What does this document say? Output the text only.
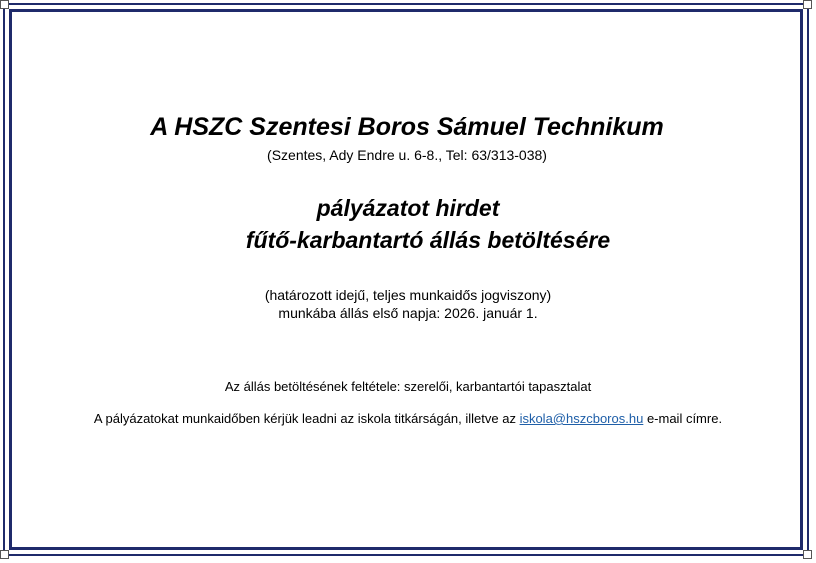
A HSZC Szentesi Boros Sámuel Technikum
(Szentes, Ady Endre u. 6-8., Tel: 63/313-038)
pályázatot hirdet
fűtő-karbantartó állás betöltésére
(határozott idejű, teljes munkaidős jogviszony)
munkába állás első napja: 2026. január 1.
Az állás betöltésének feltétele: szerelői, karbantartói tapasztalat
A pályázatokat munkaidőben kérjük leadni az iskola titkárságán, illetve az iskola@hszcboros.hu e-mail címre.
